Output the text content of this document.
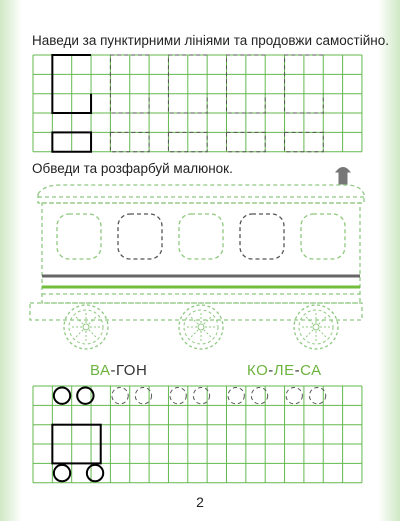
Наведи за пунктирними лініями та продовжи самостійно.
Обведи та розфарбуй малюнок.
ВА-ГОН	КО-ЛЕ-СА
2
